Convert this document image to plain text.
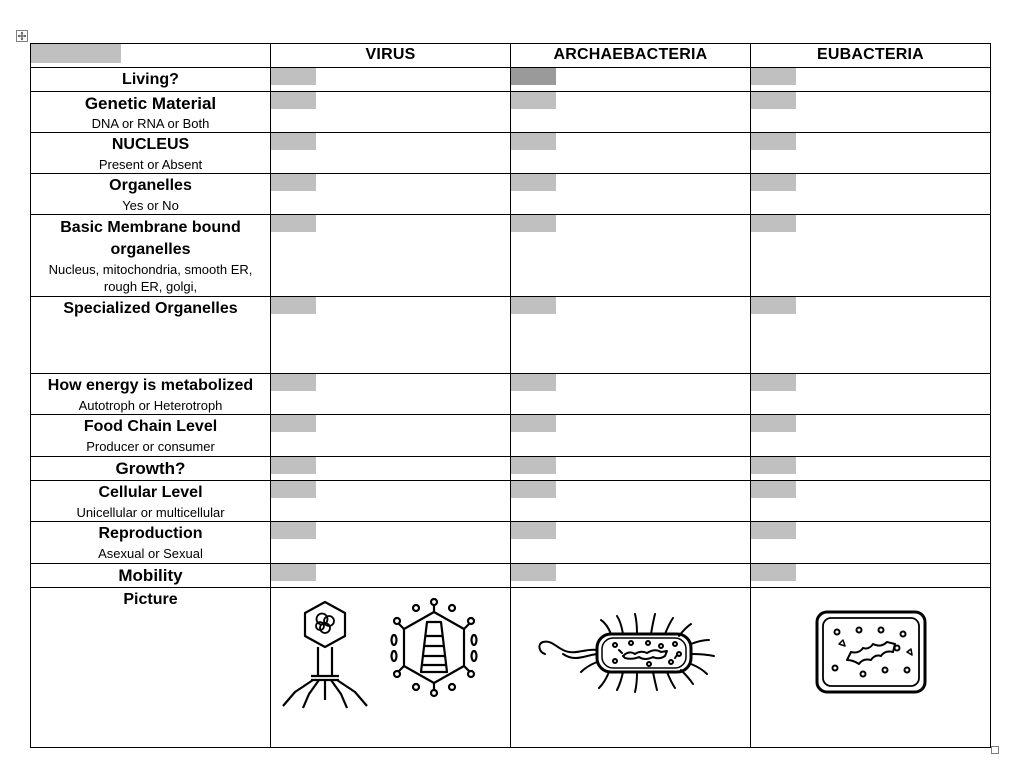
	VIRUS	ARCHAEBACTERIA	EUBACTERIA

Living?			

Genetic Material
DNA or RNA or Both			

NUCLEUS
Present or Absent			

Organelles
Yes or No			

Basic Membrane bound organelles
Nucleus, mitochondria, smooth ER, rough ER, golgi,			

Specialized Organelles			

How energy is metabolized
Autotroph or Heterotroph			

Food Chain Level
Producer or consumer			

Growth?			

Cellular Level
Unicellular or multicellular			

Reproduction
Asexual or Sexual			

Mobility			

Picture
